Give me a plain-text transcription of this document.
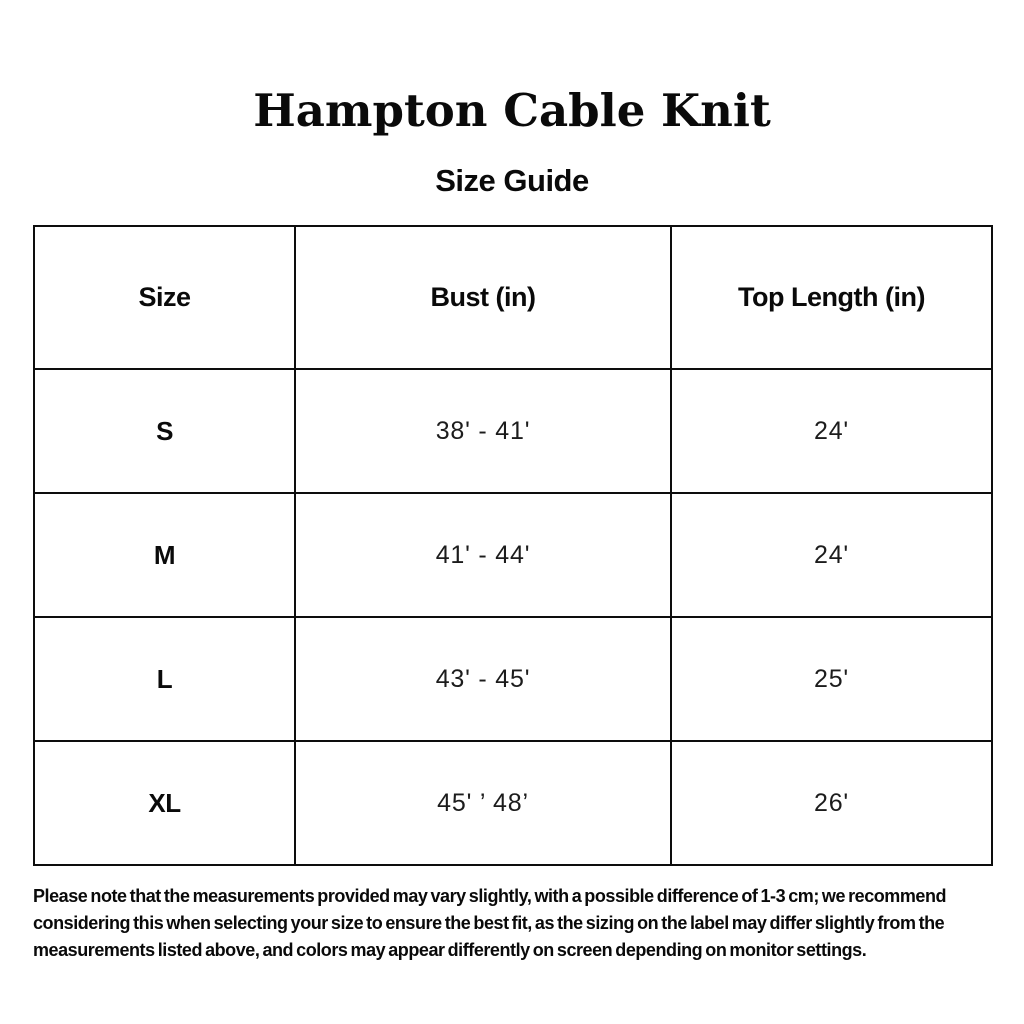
Hampton Cable Knit
Size Guide
Size	Bust (in)	Top Length (in)
S	38' - 41'	24'
M	41' - 44'	24'
L	43' - 45'	25'
XL	45' ’ 48’	26'

Please note that the measurements provided may vary slightly, with a possible difference of 1-3 cm; we recommend considering this when selecting your size to ensure the best fit, as the sizing on the label may differ slightly from the measurements listed above, and colors may appear differently on screen depending on monitor settings.
